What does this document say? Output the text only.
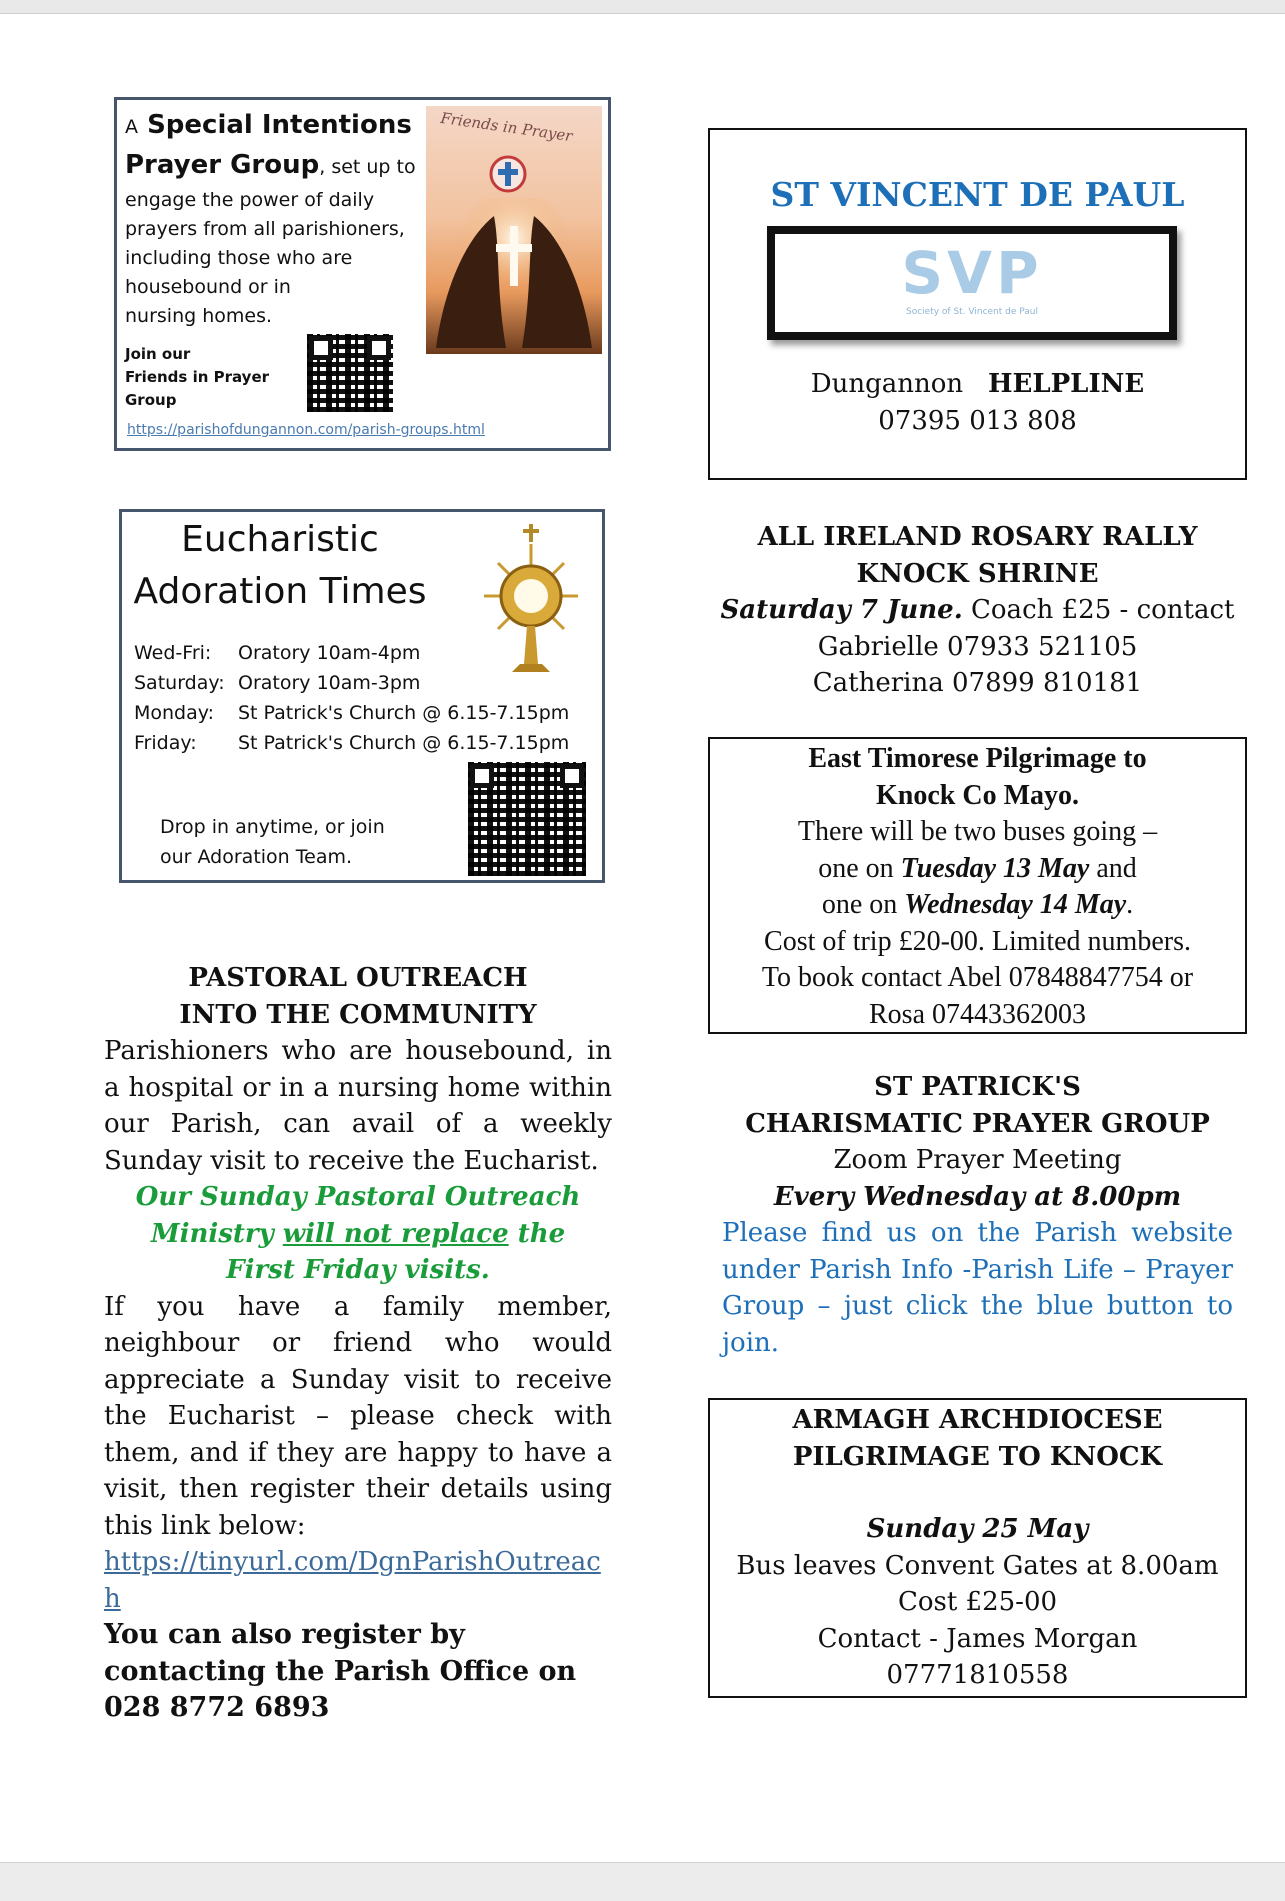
A Special Intentions Prayer Group, set up to
engage the power of daily
prayers from all parishioners,
including those who are
housebound or in
nursing homes.
Join our
Friends in Prayer
Group
Friends in Prayer
https://parishofdungannon.com/parish-groups.html
Eucharistic
Adoration Times
Wed-Fri: Oratory 10am-4pm
Saturday: Oratory 10am-3pm
Monday: St Patrick's Church @ 6.15-7.15pm
Friday: St Patrick's Church @ 6.15-7.15pm
Drop in anytime, or join
our Adoration Team.
PASTORAL OUTREACH
INTO THE COMMUNITY
Parishioners who are housebound, in a hospital or in a nursing home within our Parish, can avail of a weekly Sunday visit to receive the Eucharist.
Our Sunday Pastoral Outreach
Ministry will not replace the
First Friday visits.
If you have a family member, neighbour or friend who would appreciate a Sunday visit to receive the Eucharist – please check with them, and if they are happy to have a visit, then register their details using this link below:
https://tinyurl.com/DgnParishOutreach
You can also register by contacting the Parish Office on 028 8772 6893
ST VINCENT DE PAUL
SVP
Society of St. Vincent de Paul
Dungannon HELPLINE
07395 013 808
ALL IRELAND ROSARY RALLY
KNOCK SHRINE
Saturday 7 June. Coach £25 - contact
Gabrielle 07933 521105
Catherina 07899 810181
East Timorese Pilgrimage to
Knock Co Mayo.
There will be two buses going –
one on Tuesday 13 May and
one on Wednesday 14 May.
Cost of trip £20-00. Limited numbers.
To book contact Abel 07848847754 or
Rosa 07443362003
ST PATRICK'S
CHARISMATIC PRAYER GROUP
Zoom Prayer Meeting
Every Wednesday at 8.00pm
Please find us on the Parish website under Parish Info -Parish Life – Prayer Group – just click the blue button to join.
ARMAGH ARCHDIOCESE
PILGRIMAGE TO KNOCK
Sunday 25 May
Bus leaves Convent Gates at 8.00am
Cost £25-00
Contact - James Morgan
07771810558
